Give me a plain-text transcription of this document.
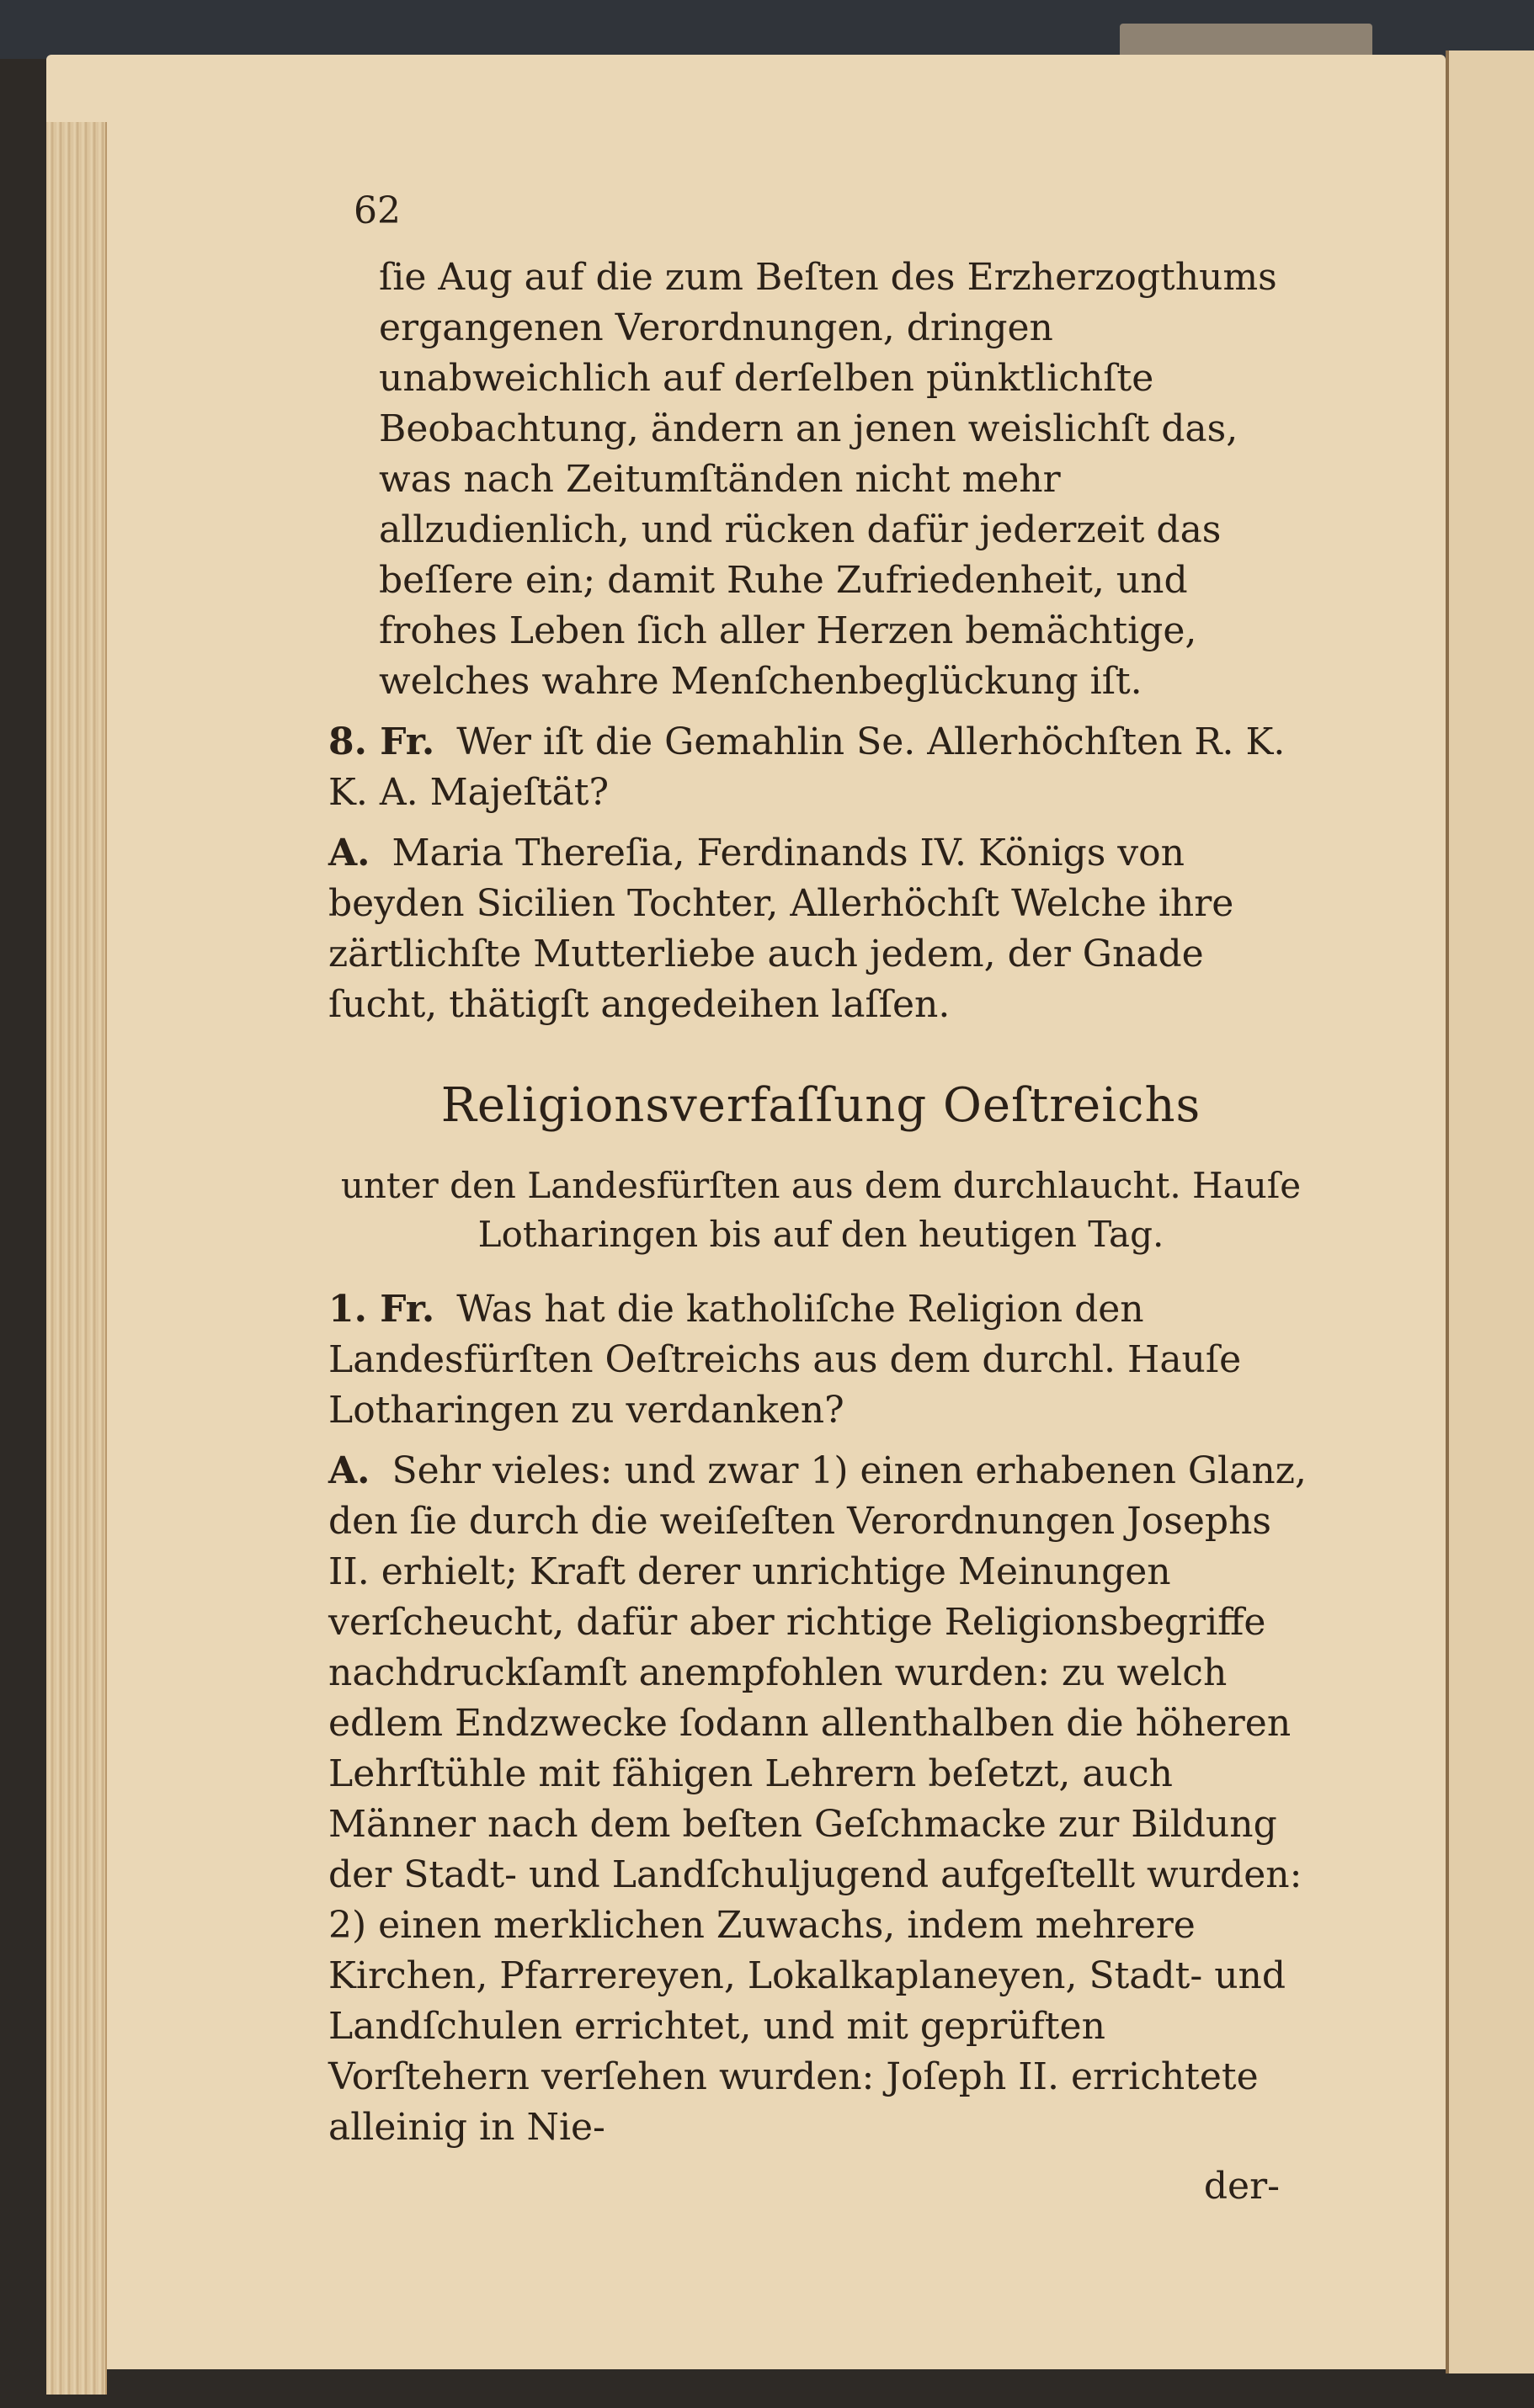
62

ſie Aug auf die zum Beſten des Erzherzogthums ergangenen Verordnungen, dringen unabweichlich auf derſelben pünktlichſte Beobachtung, ändern an jenen weislichſt das, was nach Zeitumſtänden nicht mehr allzudienlich, und rücken dafür jederzeit das beſſere ein; damit Ruhe Zufriedenheit, und frohes Leben ſich aller Herzen bemächtige, welches wahre Menſchenbeglückung iſt.

8. Fr. Wer iſt die Gemahlin Se. Allerhöchſten R. K. K. A. Majeſtät?
A. Maria Thereſia, Ferdinands IV. Königs von beyden Sicilien Tochter, Allerhöchſt Welche ihre zärtlichſte Mutterliebe auch jedem, der Gnade ſucht, thätigſt angedeihen laſſen.
Religionsverfaſſung Oeſtreichs
unter den Landesfürſten aus dem durchlaucht. Hauſe Lotharingen bis auf den heutigen Tag.
1. Fr. Was hat die katholiſche Religion den Landesfürſten Oeſtreichs aus dem durchl. Hauſe Lotharingen zu verdanken?
A. Sehr vieles: und zwar 1) einen erhabenen Glanz, den ſie durch die weiſeſten Verordnungen Josephs II. erhielt; Kraft derer unrichtige Meinungen verſcheucht, dafür aber richtige Religionsbegriffe nachdruckſamſt anempfohlen wurden: zu welch edlem Endzwecke ſodann allenthalben die höheren Lehrſtühle mit fähigen Lehrern beſetzt, auch Männer nach dem beſten Geſchmacke zur Bildung der Stadt- und Landſchuljugend aufgeſtellt wurden: 2) einen merklichen Zuwachs, indem mehrere Kirchen, Pfarrereyen, Lokalkaplaneyen, Stadt- und Landſchulen errichtet, und mit geprüften Vorſtehern verſehen wurden: Joſeph II. errichtete alleinig in Nie-
der-
